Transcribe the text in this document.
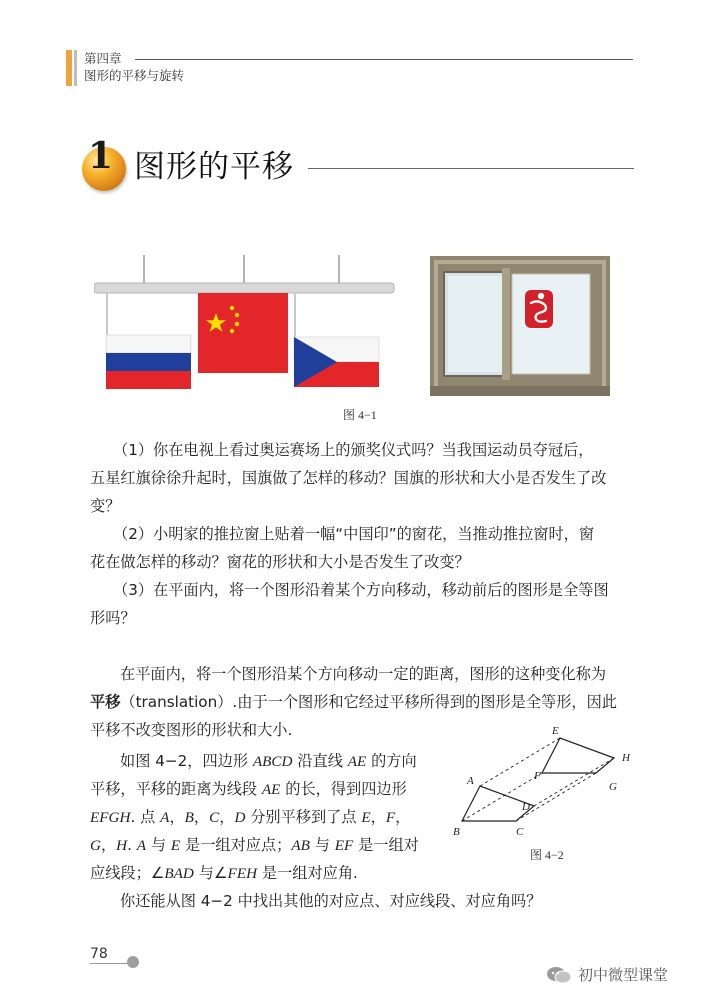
第四章
图形的平移与旋转
1 图形的平移
图 4−1
（1）你在电视上看过奥运赛场上的颁奖仪式吗？当我国运动员夺冠后，
五星红旗徐徐升起时，国旗做了怎样的移动？国旗的形状和大小是否发生了改
变？
（2）小明家的推拉窗上贴着一幅“中国印”的窗花，当推动推拉窗时，窗
花在做怎样的移动？窗花的形状和大小是否发生了改变？
（3）在平面内，将一个图形沿着某个方向移动，移动前后的图形是全等图
形吗？
在平面内，将一个图形沿某个方向移动一定的距离，图形的这种变化称为
平移（translation）.由于一个图形和它经过平移所得到的图形是全等形，因此
平移不改变图形的形状和大小.
如图 4−2，四边形 ABCD 沿直线 AE 的方向
平移，平移的距离为线段 AE 的长，得到四边形
EFGH. 点 A，B，C，D 分别平移到了点 E，F，
G，H. A 与 E 是一组对应点；AB 与 EF 是一组对
应线段；∠BAD 与∠FEH 是一组对应角.
你还能从图 4−2 中找出其他的对应点、对应线段、对应角吗？
A
B	C
D
E
F
G
H
图 4−2
78
初中微型课堂
